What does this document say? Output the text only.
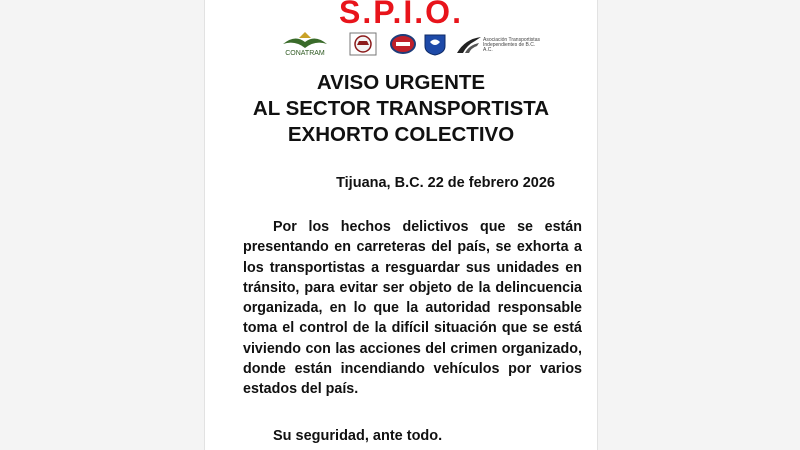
S.P.I.O.
CONATRAM
Asociación Transportistas Independientes de B.C. A.C.
AVISO URGENTE
AL SECTOR TRANSPORTISTA
EXHORTO COLECTIVO
Tijuana, B.C. 22 de febrero 2026

Por los hechos delictivos que se están presentando en carreteras del país, se exhorta a los transportistas a resguardar sus unidades en tránsito, para evitar ser objeto de la delincuencia organizada, en lo que la autoridad responsable toma el control de la difícil situación que se está viviendo con las acciones del crimen organizado, donde están incendiando vehículos por varios estados del país.

Su seguridad, ante todo.
